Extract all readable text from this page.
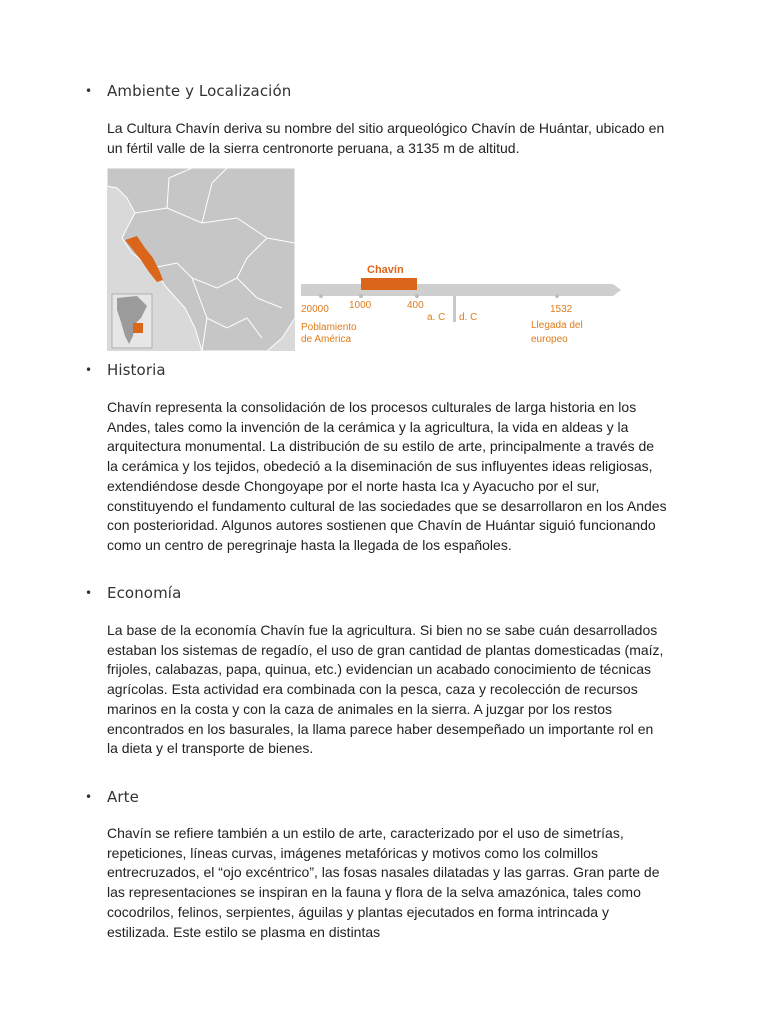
• Ambiente y Localización

La Cultura Chavín deriva su nombre del sitio arqueológico Chavín de Huántar, ubicado en un fértil valle de la sierra centronorte peruana, a 3135 m de altitud.

Chavín
20000 1000	400	1532
a. C d. C
Poblamiento
de América
Llegada del
europeo
• Historia

Chavín representa la consolidación de los procesos culturales de larga historia en los Andes, tales como la invención de la cerámica y la agricultura, la vida en aldeas y la arquitectura monumental. La distribución de su estilo de arte, principalmente a través de la cerámica y los tejidos, obedeció a la diseminación de sus influyentes ideas religiosas, extendiéndose desde Chongoyape por el norte hasta Ica y Ayacucho por el sur, constituyendo el fundamento cultural de las sociedades que se desarrollaron en los Andes con posterioridad. Algunos autores sostienen que Chavín de Huántar siguió funcionando como un centro de peregrinaje hasta la llegada de los españoles.

• Economía

La base de la economía Chavín fue la agricultura. Si bien no se sabe cuán desarrollados estaban los sistemas de regadío, el uso de gran cantidad de plantas domesticadas (maíz, frijoles, calabazas, papa, quinua, etc.) evidencian un acabado conocimiento de técnicas agrícolas. Esta actividad era combinada con la pesca, caza y recolección de recursos marinos en la costa y con la caza de animales en la sierra. A juzgar por los restos encontrados en los basurales, la llama parece haber desempeñado un importante rol en la dieta y el transporte de bienes.

• Arte

Chavín se refiere también a un estilo de arte, caracterizado por el uso de simetrías, repeticiones, líneas curvas, imágenes metafóricas y motivos como los colmillos entrecruzados, el “ojo excéntrico”, las fosas nasales dilatadas y las garras. Gran parte de las representaciones se inspiran en la fauna y flora de la selva amazónica, tales como cocodrilos, felinos, serpientes, águilas y plantas ejecutados en forma intrincada y estilizada. Este estilo se plasma en distintas
